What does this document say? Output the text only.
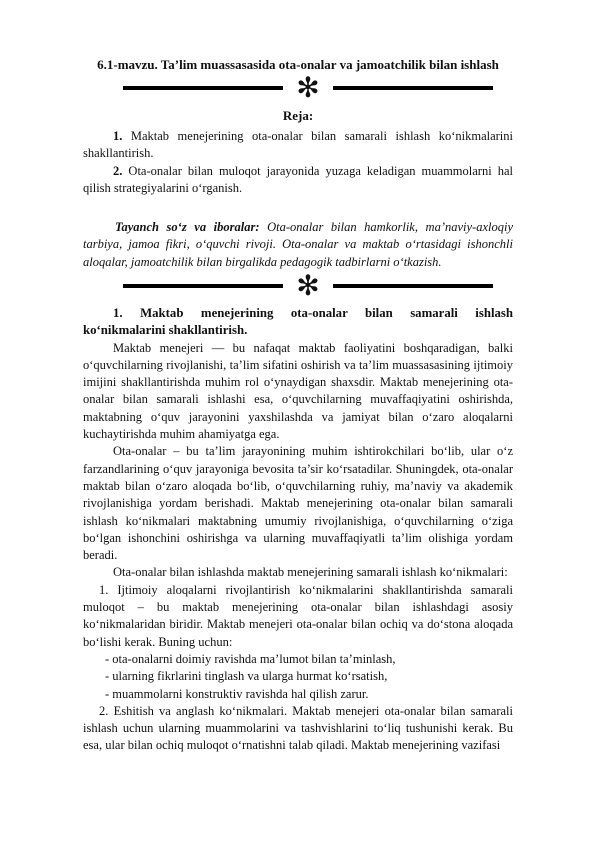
6.1-mavzu. Ta’lim muassasasida ota-onalar va jamoatchilik bilan ishlash
✻
Reja:

1. Maktab menejerining ota-onalar bilan samarali ishlash ko‘nikmalarini shakllantirish.

2. Ota-onalar bilan muloqot jarayonida yuzaga keladigan muammolarni hal qilish strategiyalarini o‘rganish.

Tayanch so‘z va iboralar: Ota-onalar bilan hamkorlik, ma’naviy-axloqiy tarbiya, jamoa fikri, o‘quvchi rivoji. Ota-onalar va maktab o‘rtasidagi ishonchli aloqalar, jamoatchilik bilan birgalikda pedagogik tadbirlarni o‘tkazish.

✻

1. Maktab menejerining ota-onalar bilan samarali ishlash ko‘nikmalarini shakllantirish.

Maktab menejeri — bu nafaqat maktab faoliyatini boshqaradigan, balki o‘quvchilarning rivojlanishi, ta’lim sifatini oshirish va ta’lim muassasasining ijtimoiy imijini shakllantirishda muhim rol o‘ynaydigan shaxsdir. Maktab menejerining ota-onalar bilan samarali ishlashi esa, o‘quvchilarning muvaffaqiyatini oshirishda, maktabning o‘quv jarayonini yaxshilashda va jamiyat bilan o‘zaro aloqalarni kuchaytirishda muhim ahamiyatga ega.

Ota-onalar – bu ta’lim jarayonining muhim ishtirokchilari bo‘lib, ular o‘z farzandlarining o‘quv jarayoniga bevosita ta’sir ko‘rsatadilar. Shuningdek, ota-onalar maktab bilan o‘zaro aloqada bo‘lib, o‘quvchilarning ruhiy, ma’naviy va akademik rivojlanishiga yordam berishadi. Maktab menejerining ota-onalar bilan samarali ishlash ko‘nikmalari maktabning umumiy rivojlanishiga, o‘quvchilarning o‘ziga bo‘lgan ishonchini oshirishga va ularning muvaffaqiyatli ta’lim olishiga yordam beradi.

Ota-onalar bilan ishlashda maktab menejerining samarali ishlash ko‘nikmalari:

1. Ijtimoiy aloqalarni rivojlantirish ko‘nikmalarini shakllantirishda samarali muloqot – bu maktab menejerining ota-onalar bilan ishlashdagi asosiy ko‘nikmalaridan biridir. Maktab menejeri ota-onalar bilan ochiq va do‘stona aloqada bo‘lishi kerak. Buning uchun:

- ota-onalarni doimiy ravishda ma’lumot bilan ta’minlash,

- ularning fikrlarini tinglash va ularga hurmat ko‘rsatish,

- muammolarni konstruktiv ravishda hal qilish zarur.

2. Eshitish va anglash ko‘nikmalari. Maktab menejeri ota-onalar bilan samarali ishlash uchun ularning muammolarini va tashvishlarini to‘liq tushunishi kerak. Bu esa, ular bilan ochiq muloqot o‘rnatishni talab qiladi. Maktab menejerining vazifasi
